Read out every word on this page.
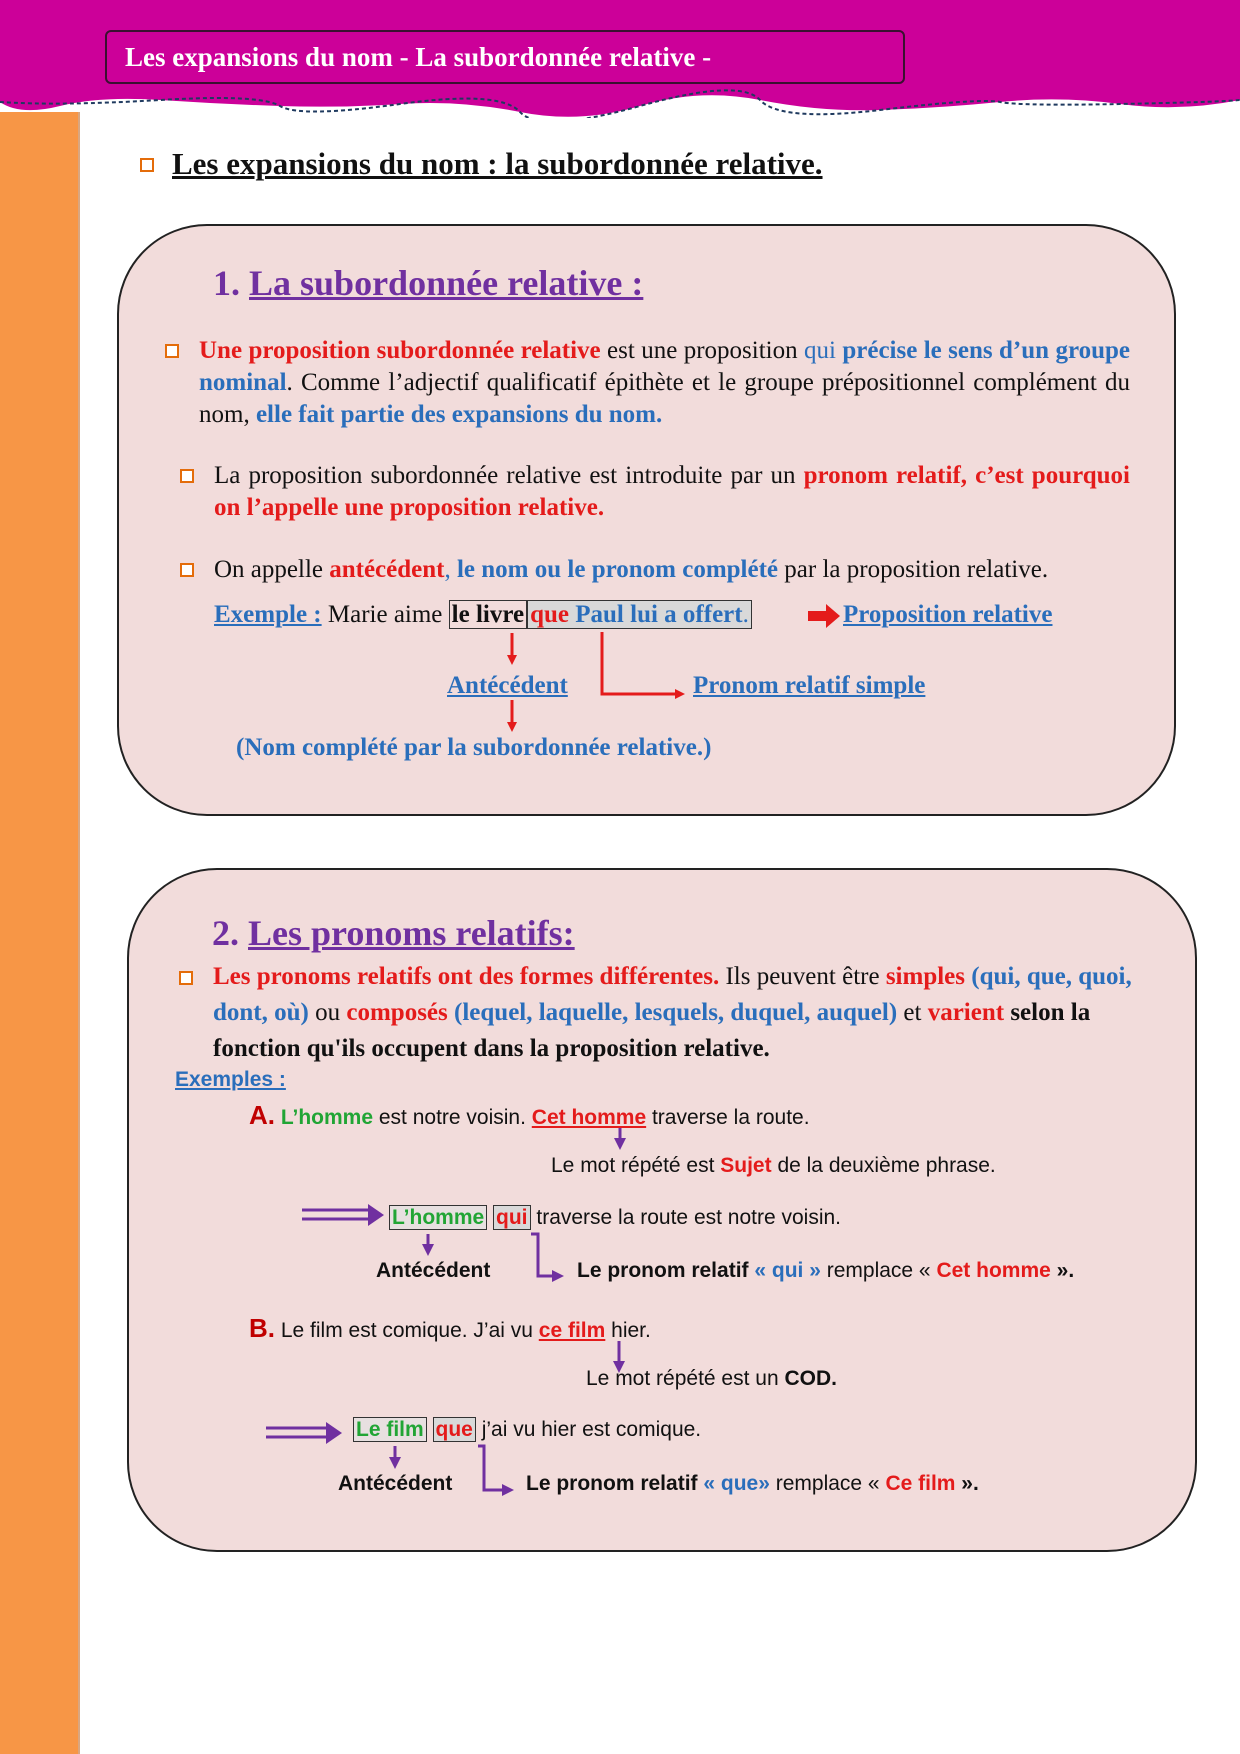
Les expansions du nom - La subordonnée relative -
Les expansions du nom : la subordonnée relative.
1. La subordonnée relative :
Une proposition subordonnée relative est une proposition qui précise le sens d’un groupe nominal. Comme l’adjectif qualificatif épithète et le groupe prépositionnel complément du nom, elle fait partie des expansions du nom.
La proposition subordonnée relative est introduite par un pronom relatif, c’est pourquoi on l’appelle une proposition relative.
On appelle antécédent, le nom ou le pronom complété par la proposition relative.
Exemple : Marie aime le livre que Paul lui a offert.	Proposition relative
Antécédent	Pronom relatif simple
(Nom complété par la subordonnée relative.)
2. Les pronoms relatifs:
Les pronoms relatifs ont des formes différentes. Ils peuvent être simples (qui, que, quoi, dont, où) ou composés (lequel, laquelle, lesquels, duquel, auquel) et varient selon la fonction qu'ils occupent dans la proposition relative.
Exemples :
A. L’homme est notre voisin. Cet homme traverse la route.
Le mot répété est Sujet de la deuxième phrase.
L’homme qui traverse la route est notre voisin.
Antécédent	Le pronom relatif « qui » remplace « Cet homme ».
B. Le film est comique. J’ai vu ce film hier.
Le mot répété est un COD.
Le film que j’ai vu hier est comique.
Antécédent	Le pronom relatif « que» remplace « Ce film ».
